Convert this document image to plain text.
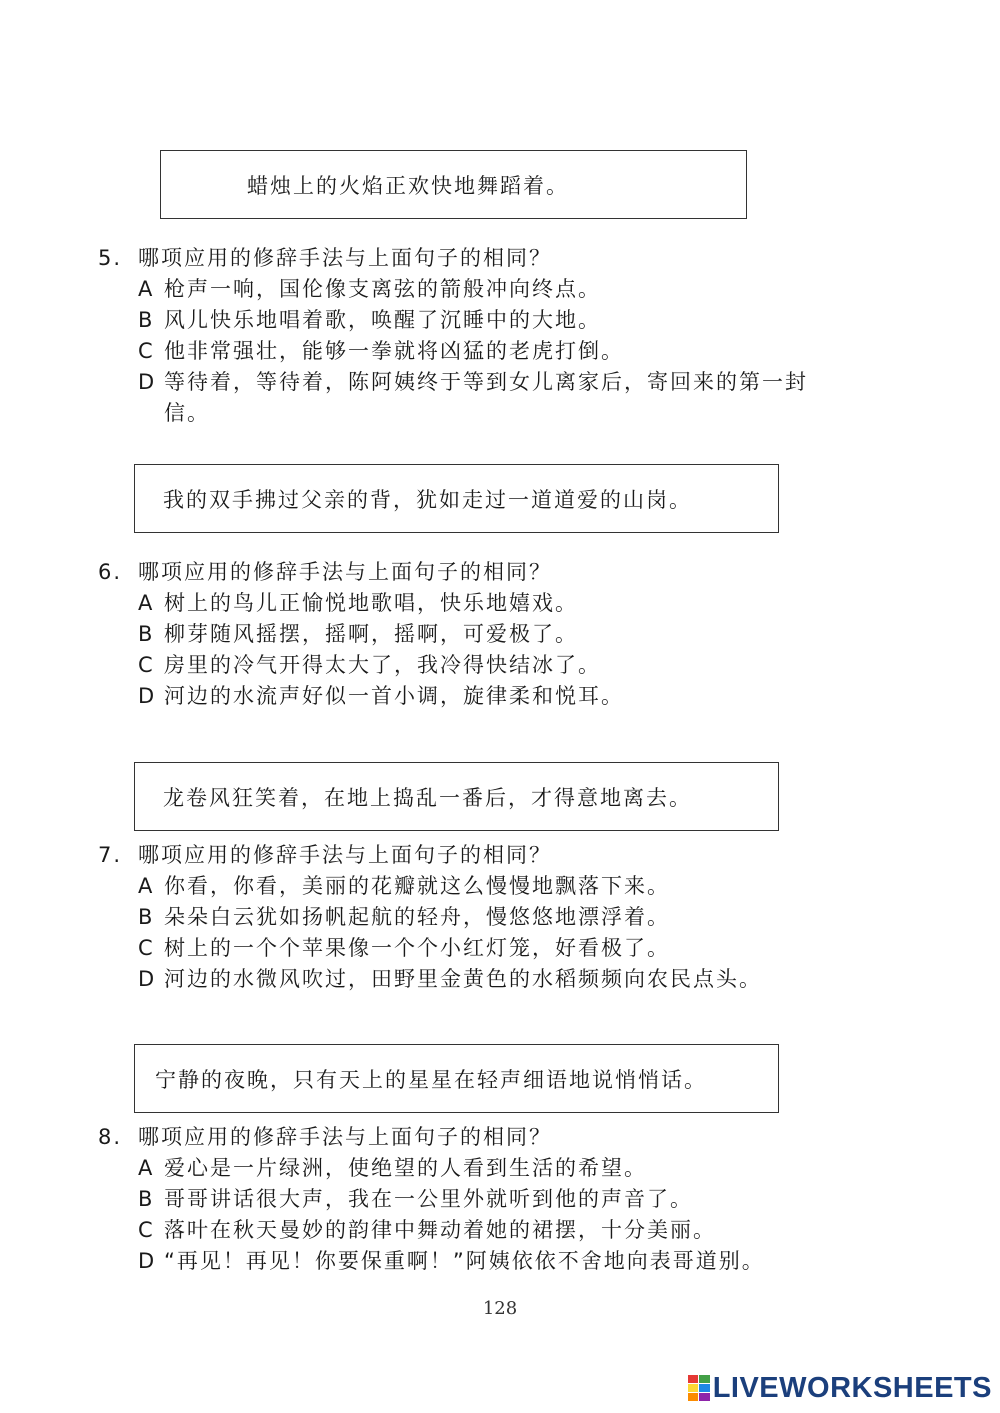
蜡烛上的火焰正欢快地舞蹈着。
我的双手拂过父亲的背，犹如走过一道道爱的山岗。
龙卷风狂笑着，在地上捣乱一番后，才得意地离去。
宁静的夜晚，只有天上的星星在轻声细语地说悄悄话。
5. 哪项应用的修辞手法与上面句子的相同？
A 枪声一响，国伦像支离弦的箭般冲向终点。
B 风儿快乐地唱着歌，唤醒了沉睡中的大地。
C 他非常强壮，能够一拳就将凶猛的老虎打倒。
D 等待着，等待着，陈阿姨终于等到女儿离家后，寄回来的第一封
信。
6. 哪项应用的修辞手法与上面句子的相同？
A 树上的鸟儿正愉悦地歌唱，快乐地嬉戏。
B 柳芽随风摇摆，摇啊，摇啊，可爱极了。
C 房里的冷气开得太大了，我冷得快结冰了。
D 河边的水流声好似一首小调，旋律柔和悦耳。
7. 哪项应用的修辞手法与上面句子的相同？
A 你看，你看，美丽的花瓣就这么慢慢地飘落下来。
B 朵朵白云犹如扬帆起航的轻舟，慢悠悠地漂浮着。
C 树上的一个个苹果像一个个小红灯笼，好看极了。
D 河边的水微风吹过，田野里金黄色的水稻频频向农民点头。
8. 哪项应用的修辞手法与上面句子的相同？
A 爱心是一片绿洲，使绝望的人看到生活的希望。
B 哥哥讲话很大声，我在一公里外就听到他的声音了。
C 落叶在秋天曼妙的韵律中舞动着她的裙摆，十分美丽。
D “再见！再见！你要保重啊！”阿姨依依不舍地向表哥道别。
128
LIVEWORKSHEETS
